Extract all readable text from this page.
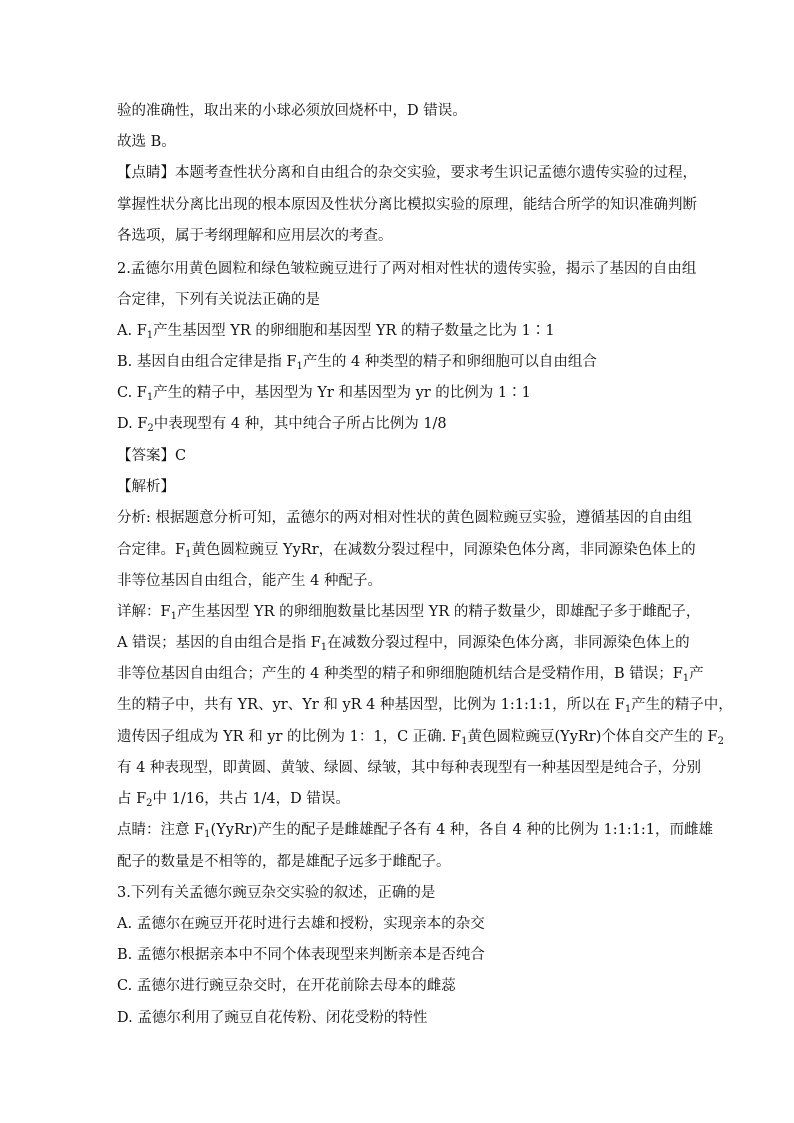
验的准确性，取出来的小球必须放回烧杯中，D 错误。
故选 B。
【点睛】本题考查性状分离和自由组合的杂交实验，要求考生识记孟德尔遗传实验的过程，
掌握性状分离比出现的根本原因及性状分离比模拟实验的原理，能结合所学的知识准确判断
各选项，属于考纲理解和应用层次的考查。
2.孟德尔用黄色圆粒和绿色皱粒豌豆进行了两对相对性状的遗传实验，揭示了基因的自由组
合定律，下列有关说法正确的是
A. $F_1$产生基因型 YR 的卵细胞和基因型 YR 的精子数量之比为 1∶1
B. 基因自由组合定律是指 $F_1$产生的 4 种类型的精子和卵细胞可以自由组合
C. $F_1$产生的精子中，基因型为 Yr 和基因型为 yr 的比例为 1∶1
D. $F_2$中表现型有 4 种，其中纯合子所占比例为 1/8
【答案】C
【解析】
分析: 根据题意分析可知，孟德尔的两对相对性状的黄色圆粒豌豆实验，遵循基因的自由组
合定律。$F_1$黄色圆粒豌豆 YyRr，在减数分裂过程中，同源染色体分离，非同源染色体上的
非等位基因自由组合，能产生 4 种配子。
详解：$F_1$产生基因型 YR 的卵细胞数量比基因型 YR 的精子数量少，即雄配子多于雌配子，
A 错误；基因的自由组合是指 $F_1$在减数分裂过程中，同源染色体分离，非同源染色体上的
非等位基因自由组合；产生的 4 种类型的精子和卵细胞随机结合是受精作用，B 错误；$F_1$产
生的精子中，共有 YR、yr、Yr 和 yR 4 种基因型，比例为 1:1:1:1，所以在 $F_1$产生的精子中，
遗传因子组成为 YR 和 yr 的比例为 1：1，C 正确. $F_1$黄色圆粒豌豆(YyRr)个体自交产生的 $F_2$
有 4 种表现型，即黄圆、黄皱、绿圆、绿皱，其中每种表现型有一种基因型是纯合子，分别
占 $F_2$中 1/16，共占 1/4，D 错误。
点睛：注意 $F_1(YyRr)$产生的配子是雌雄配子各有 4 种，各自 4 种的比例为 1:1:1:1，而雌雄
配子的数量是不相等的，都是雄配子远多于雌配子。
3.下列有关孟德尔豌豆杂交实验的叙述，正确的是
A. 孟德尔在豌豆开花时进行去雄和授粉，实现亲本的杂交
B. 孟德尔根据亲本中不同个体表现型来判断亲本是否纯合
C. 孟德尔进行豌豆杂交时，在开花前除去母本的雌蕊
D. 孟德尔利用了豌豆自花传粉、闭花受粉的特性
